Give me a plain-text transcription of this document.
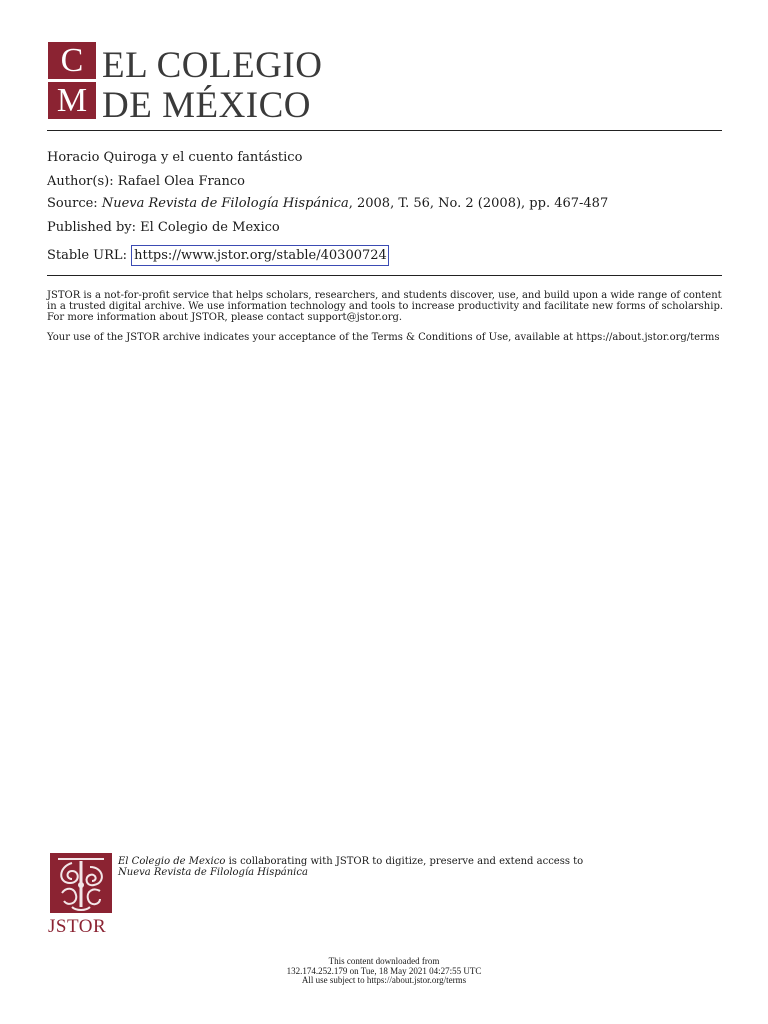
C
M
EL COLEGIO
DE MÉXICO
Horacio Quiroga y el cuento fantástico
Author(s): Rafael Olea Franco
Source: Nueva Revista de Filología Hispánica, 2008, T. 56, No. 2 (2008), pp. 467-487
Published by: El Colegio de Mexico
Stable URL: https://www.jstor.org/stable/40300724
JSTOR is a not-for-profit service that helps scholars, researchers, and students discover, use, and build upon a wide range of content in a trusted digital archive. We use information technology and tools to increase productivity and facilitate new forms of scholarship. For more information about JSTOR, please contact support@jstor.org.
Your use of the JSTOR archive indicates your acceptance of the Terms & Conditions of Use, available at https://about.jstor.org/terms
JSTOR
El Colegio de Mexico is collaborating with JSTOR to digitize, preserve and extend access to
Nueva Revista de Filología Hispánica
This content downloaded from
132.174.252.179 on Tue, 18 May 2021 04:27:55 UTC
All use subject to https://about.jstor.org/terms
